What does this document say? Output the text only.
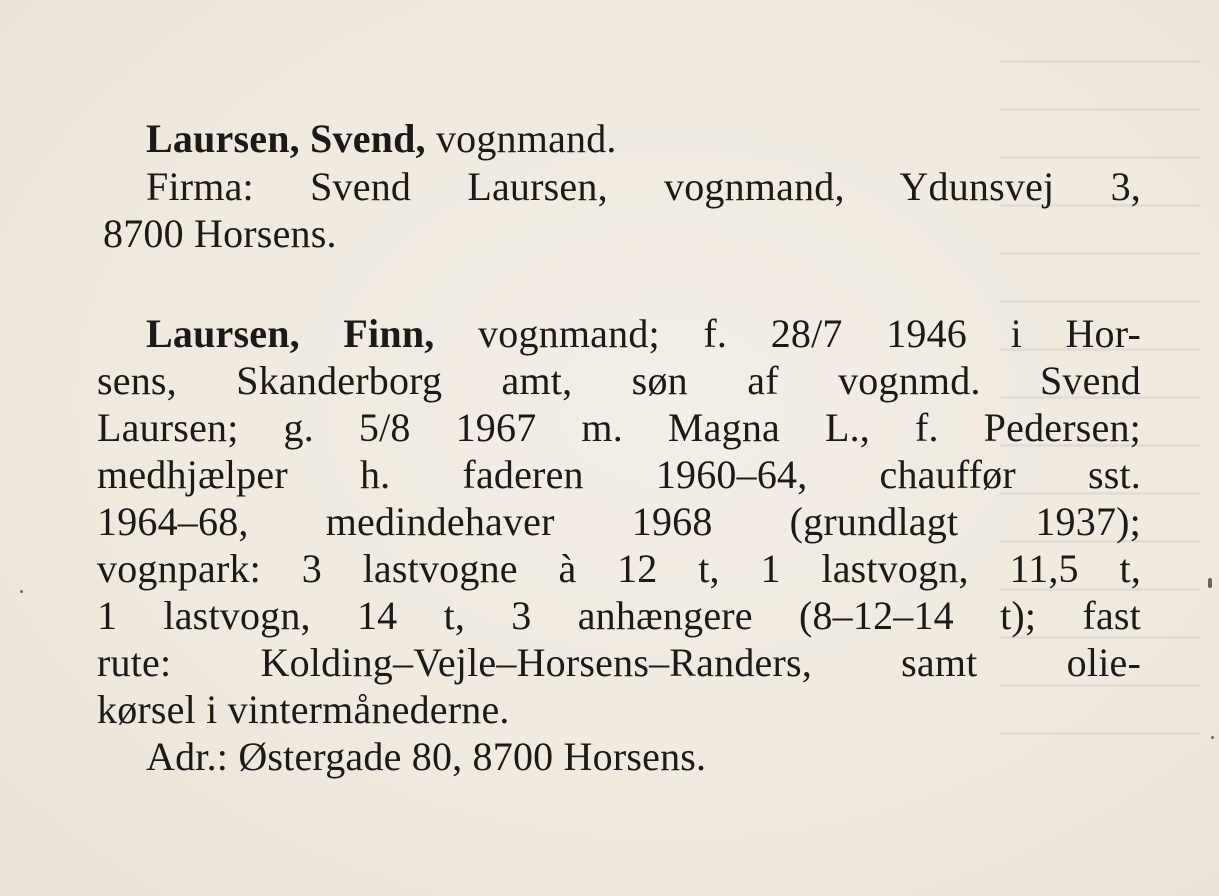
Laursen, Svend, vognmand.
Firma: Svend Laursen, vognmand, Ydunsvej 3,
8700 Horsens.
Laursen, Finn, vognmand; f. 28/7 1946 i Hor-
sens, Skanderborg amt, søn af vognmd. Svend
Laursen; g. 5/8 1967 m. Magna L., f. Pedersen;
medhjælper h. faderen 1960–64, chauffør sst.
1964–68, medindehaver 1968 (grundlagt 1937);
vognpark: 3 lastvogne à 12 t, 1 lastvogn, 11,5 t,
1 lastvogn, 14 t, 3 anhængere (8–12–14 t); fast
rute: Kolding–Vejle–Horsens–Randers, samt olie-
kørsel i vintermånederne.
Adr.: Østergade 80, 8700 Horsens.
